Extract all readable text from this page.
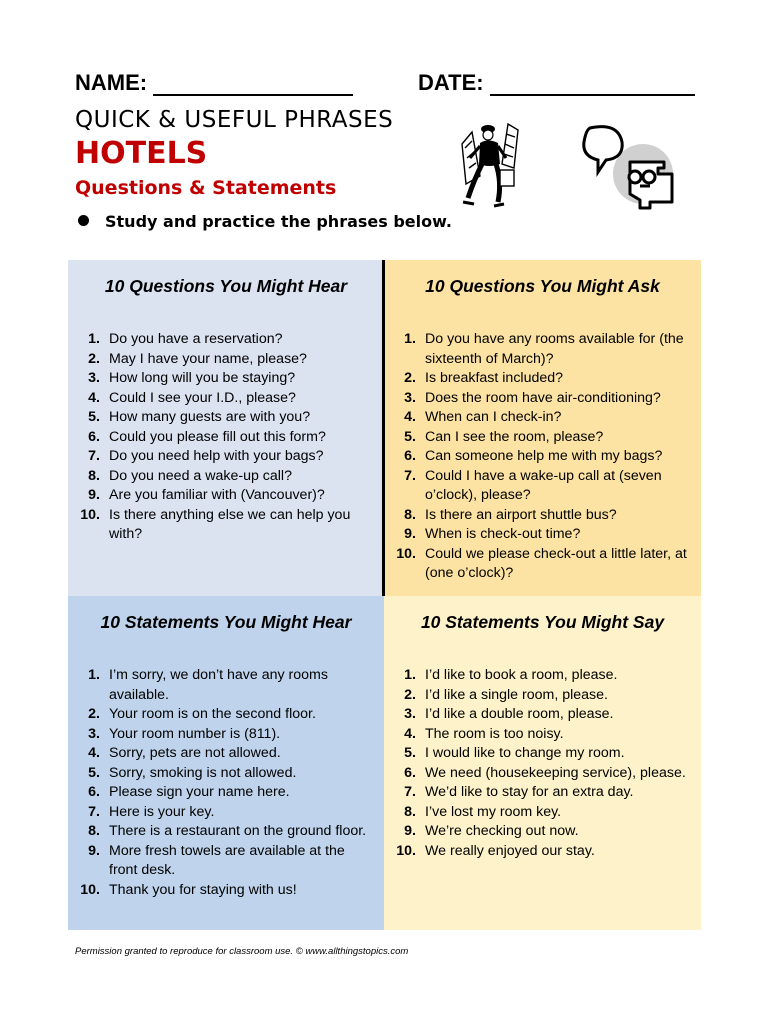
NAME:	DATE:
QUICK & USEFUL PHRASES
HOTELS
Questions & Statements
Study and practice the phrases below.
10 Questions You Might Hear
1. Do you have a reservation?
2. May I have your name, please?
3. How long will you be staying?
4. Could I see your I.D., please?
5. How many guests are with you?
6. Could you please fill out this form?
7. Do you need help with your bags?
8. Do you need a wake-up call?
9. Are you familiar with (Vancouver)?
10. Is there anything else we can help you with?
10 Questions You Might Ask
1. Do you have any rooms available for (the sixteenth of March)?
2. Is breakfast included?
3. Does the room have air-conditioning?
4. When can I check-in?
5. Can I see the room, please?
6. Can someone help me with my bags?
7. Could I have a wake-up call at (seven o’clock), please?
8. Is there an airport shuttle bus?
9. When is check-out time?
10. Could we please check-out a little later, at (one o’clock)?
10 Statements You Might Hear
1. I’m sorry, we don’t have any rooms available.
2. Your room is on the second floor.
3. Your room number is (811).
4. Sorry, pets are not allowed.
5. Sorry, smoking is not allowed.
6. Please sign your name here.
7. Here is your key.
8. There is a restaurant on the ground floor.
9. More fresh towels are available at the front desk.
10. Thank you for staying with us!
10 Statements You Might Say
1. I’d like to book a room, please.
2. I’d like a single room, please.
3. I’d like a double room, please.
4. The room is too noisy.
5. I would like to change my room.
6. We need (housekeeping service), please.
7. We’d like to stay for an extra day.
8. I’ve lost my room key.
9. We’re checking out now.
10. We really enjoyed our stay.
Permission granted to reproduce for classroom use. © www.allthingstopics.com
